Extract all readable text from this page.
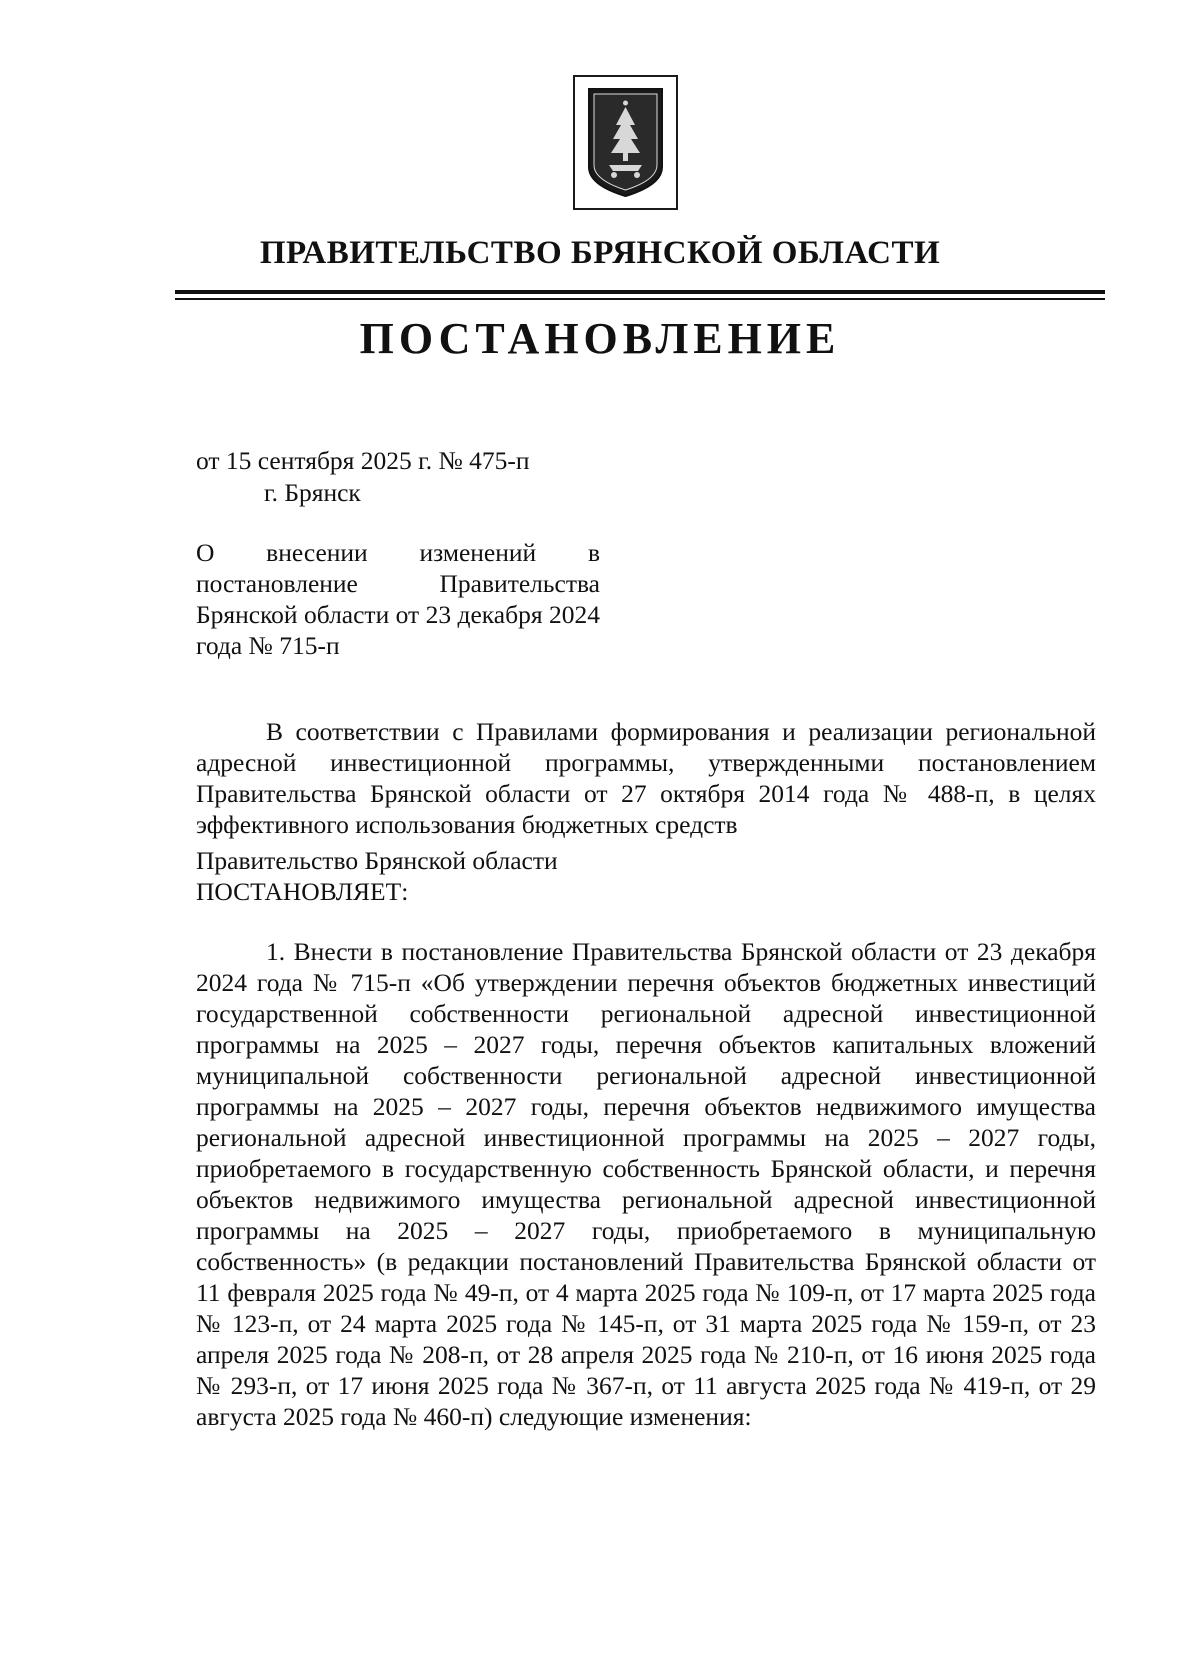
ПРАВИТЕЛЬСТВО БРЯНСКОЙ ОБЛАСТИ
ПОСТАНОВЛЕНИЕ

от 15 сентября 2025 г. № 475-п

г. Брянск

О внесении изменений в постановление Правительства Брянской области от 23 декабря 2024 года № 715-п

В соответствии с Правилами формирования и реализации региональной адресной инвестиционной программы, утвержденными постановлением Правительства Брянской области от 27 октября 2014 года № 488-п, в целях эффективного использования бюджетных средств

Правительство Брянской области

ПОСТАНОВЛЯЕТ:

1. Внести в постановление Правительства Брянской области от 23 декабря 2024 года № 715-п «Об утверждении перечня объектов бюджетных инвестиций государственной собственности региональной адресной инвестиционной программы на 2025 – 2027 годы, перечня объектов капитальных вложений муниципальной собственности региональной адресной инвестиционной программы на 2025 – 2027 годы, перечня объектов недвижимого имущества региональной адресной инвестиционной программы на 2025 – 2027 годы, приобретаемого в государственную собственность Брянской области, и перечня объектов недвижимого имущества региональной адресной инвестиционной программы на 2025 – 2027 годы, приобретаемого в муниципальную собственность» (в редакции постановлений Правительства Брянской области от 11 февраля 2025 года № 49-п, от 4 марта 2025 года № 109-п, от 17 марта 2025 года № 123-п, от 24 марта 2025 года № 145-п, от 31 марта 2025 года № 159-п, от 23 апреля 2025 года № 208-п, от 28 апреля 2025 года № 210-п, от 16 июня 2025 года № 293-п, от 17 июня 2025 года № 367-п, от 11 августа 2025 года № 419-п, от 29 августа 2025 года № 460-п) следующие изменения:
